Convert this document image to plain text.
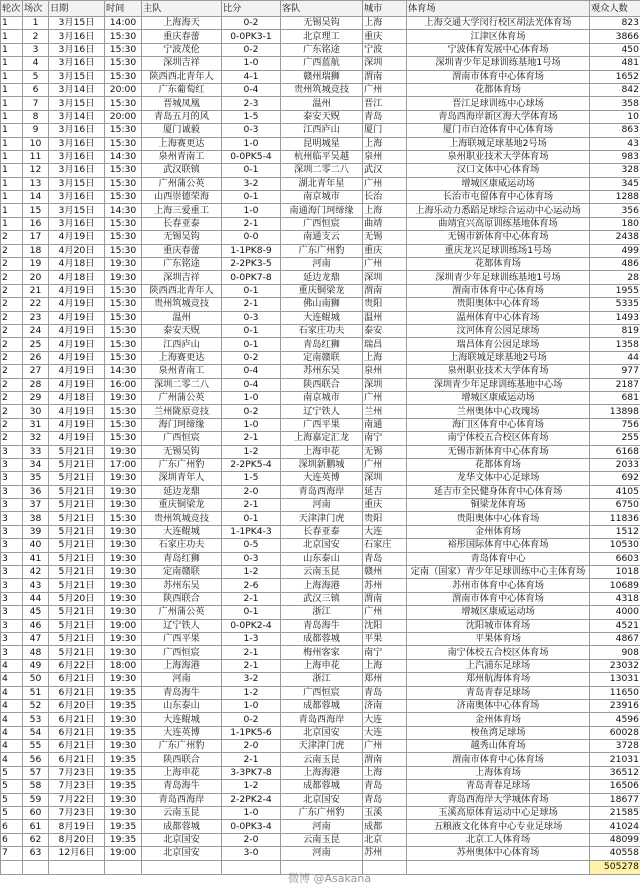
轮次	场次	日期	时间	主队	比分	客队	城市	体育场	观众人数
1	1	3月15日	14:00	上海海天	0-2	无锡吴钩	上海	上海交通大学闵行校区胡法光体育场	823
1	2	3月16日	15:30	重庆春蕾	0-0PK3-1	北京理工	重庆	江津区体育场	3866
1	3	3月16日	15:30	宁波茂伦	0-2	广东铭途	宁波	宁波体育发展中心体育场	450
1	4	3月16日	15:30	深圳吉祥	1-0	广西蓝航	深圳	深圳青少年足球训练基地1号场	481
1	5	3月15日	15:30	陕西西北青年人	4-1	赣州瑞狮	渭南	渭南市体育中心体育场	1652
1	6	3月14日	20:00	广东葡萄红	0-4	贵州筑城竞技	广州	花都体育场	842
1	7	3月15日	15:30	晋城凤凰	2-3	温州	晋江	晋江足球训练中心球场	358
1	8	3月14日	20:00	青岛五月的风	1-5	泰安天贶	青岛	青岛西海岸新区海大学体育场	10
1	9	3月16日	15:30	厦门诚毅	0-3	江西庐山	厦门	厦门市白沧体育中心体育场	863
1	10	3月16日	15:30	上海赛更达	1-0	昆明城星	上海	上海联城足球基地2号场	43
1	11	3月16日	14:30	泉州青南工	0-0PK5-4	杭州临平吴越	泉州	泉州职业技术大学体育场	983
1	12	3月16日	15:30	武汉联镇	0-1	深圳二零二八	武汉	汉口文体中心体育场	328
1	13	3月15日	15:30	广州蒲公英	3-2	湖北青年星	广州	增城区康威运动场	345
1	14	3月16日	15:30	山西崇德荣海	0-1	南京城市	长治	长治市屯留体育中心体育场	1288
1	15	3月15日	14:30	上海三爱重工	1-0	南通海门珂缔缘	上海	上海乐动力悉蹈足球综合运动中心运动场	356
1	16	3月16日	15:30	长春亚泰	2-1	广西恒宸	曲靖	曲靖宜兴高原训练基地体育场	180
2	17	4月19日	15:30	无锡吴钩	0-0	南通支云	无锡	无锡市新体育中心体育场	2438
2	18	4月20日	15:30	重庆春蕾	1-1PK8-9	广东广州豹	重庆	重庆龙兴足球训练场1号场	499
2	19	4月18日	19:30	广东铭途	2-2PK3-5	河南	广州	花都体育场	486
2	20	4月18日	19:30	深圳吉祥	0-0PK7-8	延边龙鼎	深圳	深圳青少年足球训练基地1号场	28
2	21	4月19日	15:30	陕西西北青年人	0-1	重庆铜梁龙	渭南	渭南市体育中心体育场	1955
2	22	4月19日	15:30	贵州筑城竞技	2-1	佛山南狮	贵阳	贵阳奥体中心体育场	5335
2	23	4月19日	15:30	温州	0-3	大连鲲城	温州	温州体育中心体育场	1493
2	24	4月19日	15:30	泰安天贶	0-1	石家庄功夫	泰安	汶河体育公园足球场	819
2	25	4月19日	15:30	江西庐山	0-1	青岛红狮	瑞昌	瑞昌体育公园足球场	1358
2	26	4月19日	15:30	上海赛更达	0-2	定南赣联	上海	上海联城足球基地2号场	44
2	27	4月19日	14:30	泉州青南工	0-4	苏州东吴	泉州	泉州职业技术大学体育场	977
2	28	4月19日	16:00	深圳二零二八	0-4	陕西联合	深圳	深圳青少年足球训练基地中心场	2187
2	29	4月18日	19:30	广州蒲公英	1-0	南京城市	广州	增城区康威运动场	681
2	30	4月19日	15:30	兰州陇原竞技	0-2	辽宁铁人	兰州	兰州奥体中心玫瑰场	13898
2	31	4月19日	15:30	海门珂缔缘	1-0	广西平果	南通	海门区体育中心体育场	756
2	32	4月19日	15:30	广西恒宸	2-1	上海嘉定汇龙	南宁	南宁体校五合校区体育场	255
3	33	5月21日	19:30	无锡吴钩	1-2	上海申花	无锡	无锡市新体育中心体育场	6168
3	34	5月21日	17:00	广东广州豹	2-2PK5-4	深圳新鹏城	广州	花都体育场	2033
3	35	5月21日	19:30	深圳青年人	1-5	大连英博	深圳	龙华文体中心足球场	692
3	36	5月21日	19:30	延边龙鼎	2-0	青岛西海岸	延吉	延吉市全民健身体育中心体育场	4105
3	37	5月21日	19:30	重庆铜梁龙	2-1	河南	重庆	铜梁龙体育场	6750
3	38	5月21日	15:30	贵州筑城竞技	0-1	天津津门虎	贵阳	贵阳奥体中心体育场	11836
3	39	5月21日	19:30	大连鲲城	1-1PK4-3	长春亚泰	大连	金州体育场	1512
3	40	5月21日	19:30	石家庄功夫	0-5	北京国安	石家庄	裕彤国际体育中心体育场	10530
3	41	5月21日	19:30	青岛红狮	0-3	山东泰山	青岛	青岛体育中心	6603
3	42	5月21日	19:30	定南赣联	1-2	云南玉昆	赣州	定南（国家）青少年足球训练中心主体育场	1018
3	43	5月21日	19:30	苏州东吴	2-6	上海海港	苏州	苏州市体育中心体育场	10689
3	44	5月20日	19:30	陕西联合	2-1	武汉三镇	渭南	渭南市体育中心体育场	4318
3	45	5月21日	19:30	广州蒲公英	0-1	浙江	广州	增城区康威运动场	4000
3	46	5月21日	19:00	辽宁铁人	0-0PK2-4	青岛海牛	沈阳	沈阳城市体育场	4521
3	47	5月21日	19:30	广西平果	1-3	成都蓉城	平果	平果体育场	4867
3	48	5月21日	19:30	广西恒宸	2-1	梅州客家	南宁	南宁体校五合校区体育场	908
4	49	6月22日	18:00	上海海港	2-1	上海申花	上海	上汽浦东足球场	23032
4	50	6月21日	19:30	河南	3-2	浙江	郑州	郑州航海体育场	13031
4	51	6月21日	19:35	青岛海牛	1-2	广西恒宸	青岛	青岛青春足球场	11650
4	52	6月20日	19:35	山东泰山	1-0	成都蓉城	济南	济南奥体中心体育场	23916
4	53	6月21日	19:30	大连鲲城	0-2	青岛西海岸	大连	金州体育场	4596
4	54	6月21日	19:35	大连英博	1-1PK5-6	北京国安	大连	梭鱼湾足球场	60028
4	55	6月21日	19:30	广东广州豹	2-0	天津津门虎	广州	越秀山体育场	3728
4	56	6月21日	19:35	陕西联合	2-1	云南玉昆	渭南	渭南市体育中心体育场	21031
5	57	7月23日	19:35	上海申花	3-3PK7-8	上海海港	上海	上海体育场	36512
5	58	7月23日	19:35	青岛海牛	1-2	成都蓉城	青岛	青岛青春足球场	16506
5	59	7月22日	19:30	青岛西海岸	2-2PK2-4	北京国安	青岛	青岛西海岸大学城体育场	18677
5	60	7月23日	19:30	云南玉昆	1-0	广东广州豹	玉溪	玉溪高原体育运动中心足球场	21585
6	61	8月19日	19:35	成都蓉城	0-0PK3-4	河南	成都	五粮液文化体育中心专业足球场	41024
6	62	8月20日	19:35	北京国安	2-0	云南玉昆	北京	北京工人体育场	48099
7	63	12月6日	19:00	北京国安	3-0	河南	苏州	苏州奥体中心体育场	40558
									505278
微博 @Asakana
